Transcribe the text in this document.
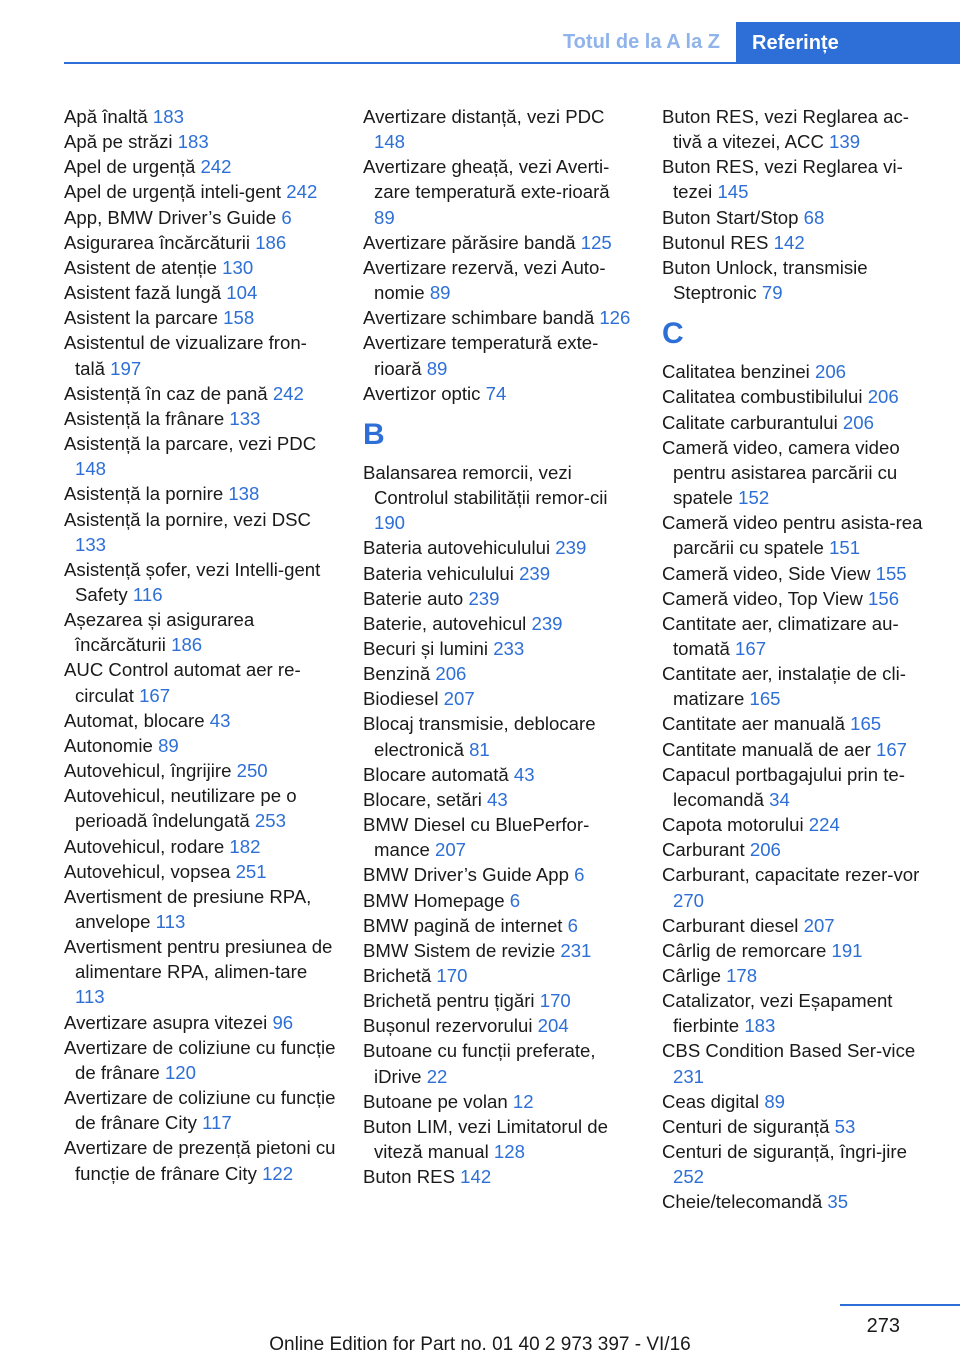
Totul de la A la Z	Referințe
Apă înaltă 183
Apă pe străzi 183
Apel de urgență 242
Apel de urgență inteli‐gent 242
App, BMW Driver’s Guide 6
Asigurarea încărcăturii 186
Asistent de atenție 130
Asistent fază lungă 104
Asistent la parcare 158
Asistentul de vizualizare fron‐tală 197
Asistență în caz de pană 242
Asistență la frânare 133
Asistență la parcare, vezi PDC 148
Asistență la pornire 138
Asistență la pornire, vezi DSC 133
Asistență șofer, vezi Intelli‐gent Safety 116
Așezarea și asigurarea încărcăturii 186
AUC Control automat aer re‐circulat 167
Automat, blocare 43
Autonomie 89
Autovehicul, îngrijire 250
Autovehicul, neutilizare pe o perioadă îndelungată 253
Autovehicul, rodare 182
Autovehicul, vopsea 251
Avertisment de presiune RPA, anvelope 113
Avertisment pentru presiunea de alimentare RPA, alimen‐tare 113
Avertizare asupra vitezei 96
Avertizare de coliziune cu funcție de frânare 120
Avertizare de coliziune cu funcție de frânare City 117
Avertizare de prezență pietoni cu funcție de frânare City 122
Avertizare distanță, vezi PDC 148
Avertizare gheață, vezi Averti‐zare temperatură exte‐rioară 89
Avertizare părăsire bandă 125
Avertizare rezervă, vezi Auto‐nomie 89
Avertizare schimbare bandă 126
Avertizare temperatură exte‐rioară 89
Avertizor optic 74
B
Balansarea remorcii, vezi Controlul stabilității remor‐cii 190
Bateria autovehiculului 239
Bateria vehiculului 239
Baterie auto 239
Baterie, autovehicul 239
Becuri și lumini 233
Benzină 206
Biodiesel 207
Blocaj transmisie, deblocare electronică 81
Blocare automată 43
Blocare, setări 43
BMW Diesel cu BluePerfor‐mance 207
BMW Driver’s Guide App 6
BMW Homepage 6
BMW pagină de internet 6
BMW Sistem de revizie 231
Brichetă 170
Brichetă pentru țigări 170
Bușonul rezervorului 204
Butoane cu funcții preferate, iDrive 22
Butoane pe volan 12
Buton LIM, vezi Limitatorul de viteză manual 128
Buton RES 142
Buton RES, vezi Reglarea ac‐tivă a vitezei, ACC 139
Buton RES, vezi Reglarea vi‐tezei 145
Buton Start/Stop 68
Butonul RES 142
Buton Unlock, transmisie Steptronic 79
C
Calitatea benzinei 206
Calitatea combustibilului 206
Calitate carburantului 206
Cameră video, camera video pentru asistarea parcării cu spatele 152
Cameră video pentru asista‐rea parcării cu spatele 151
Cameră video, Side View 155
Cameră video, Top View 156
Cantitate aer, climatizare au‐tomată 167
Cantitate aer, instalație de cli‐matizare 165
Cantitate aer manuală 165
Cantitate manuală de aer 167
Capacul portbagajului prin te‐lecomandă 34
Capota motorului 224
Carburant 206
Carburant, capacitate rezer‐vor 270
Carburant diesel 207
Cârlig de remorcare 191
Cârlige 178
Catalizator, vezi Eșapament fierbinte 183
CBS Condition Based Ser‐vice 231
Ceas digital 89
Centuri de siguranță 53
Centuri de siguranță, îngri‐jire 252
Cheie/telecomandă 35
273
Online Edition for Part no. 01 40 2 973 397 - VI/16
